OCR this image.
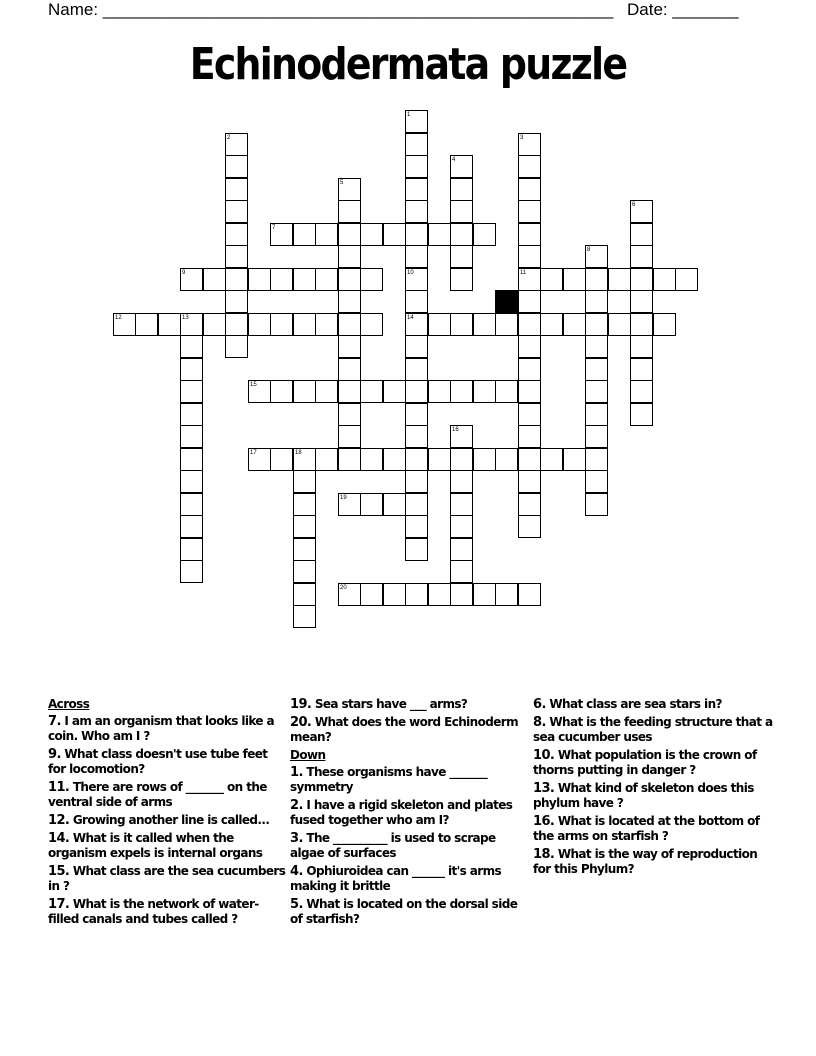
Name: ______________________________________________________ Date: _______
Echinodermata puzzle
1
2	3
4
5
6
7
8
9	10	11
12	13	14
15
16
17	18
19
20
Across
7. I am an organism that looks like a coin. Who am I ?
9. What class doesn't use tube feet for locomotion?
11. There are rows of _______ on the ventral side of arms
12. Growing another line is called...
14. What is it called when the organism expels is internal organs
15. What class are the sea cucumbers in ?
17. What is the network of water-filled canals and tubes called ?
19. Sea stars have ___ arms?
20. What does the word Echinoderm mean?
Down
1. These organisms have _______ symmetry
2. I have a rigid skeleton and plates fused together who am I?
3. The __________ is used to scrape algae of surfaces
4. Ophiuroidea can ______ it's arms making it brittle
5. What is located on the dorsal side of starfish?
6. What class are sea stars in?
8. What is the feeding structure that a sea cucumber uses
10. What population is the crown of thorns putting in danger ?
13. What kind of skeleton does this phylum have ?
16. What is located at the bottom of the arms on starfish ?
18. What is the way of reproduction for this Phylum?
